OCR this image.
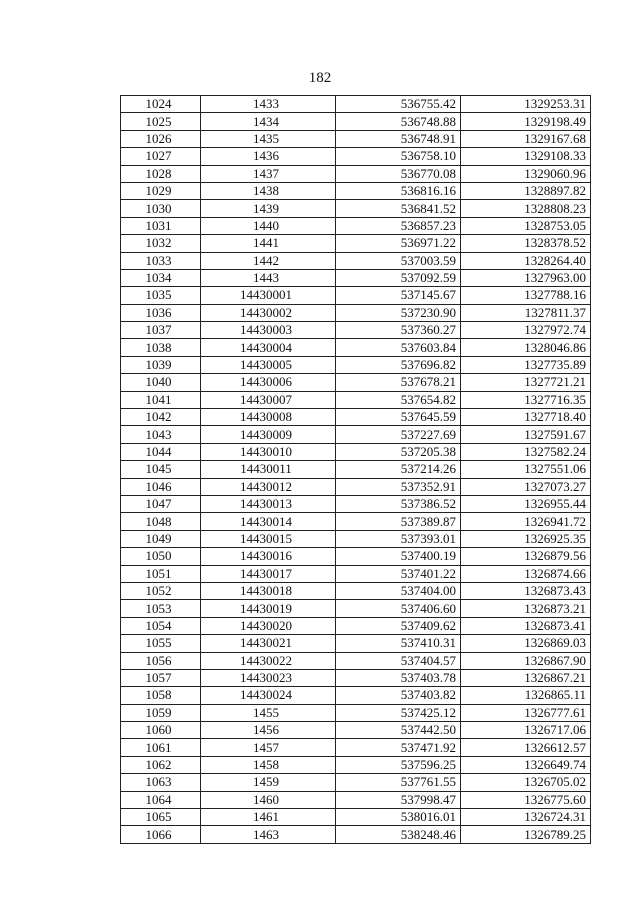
182
1024	1433	536755.42	1329253.31
1025	1434	536748.88	1329198.49
1026	1435	536748.91	1329167.68
1027	1436	536758.10	1329108.33
1028	1437	536770.08	1329060.96
1029	1438	536816.16	1328897.82
1030	1439	536841.52	1328808.23
1031	1440	536857.23	1328753.05
1032	1441	536971.22	1328378.52
1033	1442	537003.59	1328264.40
1034	1443	537092.59	1327963.00
1035	14430001	537145.67	1327788.16
1036	14430002	537230.90	1327811.37
1037	14430003	537360.27	1327972.74
1038	14430004	537603.84	1328046.86
1039	14430005	537696.82	1327735.89
1040	14430006	537678.21	1327721.21
1041	14430007	537654.82	1327716.35
1042	14430008	537645.59	1327718.40
1043	14430009	537227.69	1327591.67
1044	14430010	537205.38	1327582.24
1045	14430011	537214.26	1327551.06
1046	14430012	537352.91	1327073.27
1047	14430013	537386.52	1326955.44
1048	14430014	537389.87	1326941.72
1049	14430015	537393.01	1326925.35
1050	14430016	537400.19	1326879.56
1051	14430017	537401.22	1326874.66
1052	14430018	537404.00	1326873.43
1053	14430019	537406.60	1326873.21
1054	14430020	537409.62	1326873.41
1055	14430021	537410.31	1326869.03
1056	14430022	537404.57	1326867.90
1057	14430023	537403.78	1326867.21
1058	14430024	537403.82	1326865.11
1059	1455	537425.12	1326777.61
1060	1456	537442.50	1326717.06
1061	1457	537471.92	1326612.57
1062	1458	537596.25	1326649.74
1063	1459	537761.55	1326705.02
1064	1460	537998.47	1326775.60
1065	1461	538016.01	1326724.31
1066	1463	538248.46	1326789.25
